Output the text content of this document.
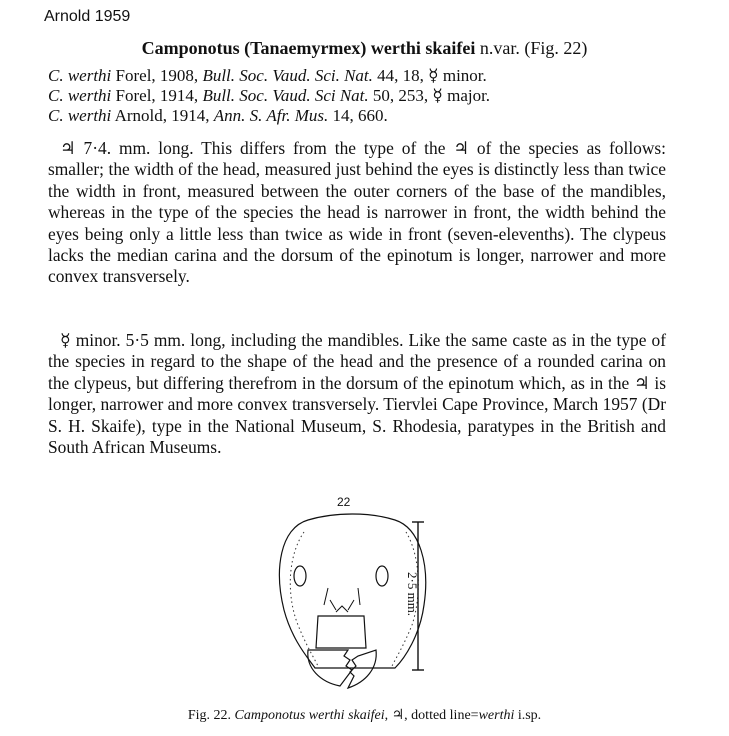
Arnold 1959
Camponotus (Tanaemyrmex) werthi skaifei n.var. (Fig. 22)
C. werthi Forel, 1908, Bull. Soc. Vaud. Sci. Nat. 44, 18, ☿ minor.
C. werthi Forel, 1914, Bull. Soc. Vaud. Sci Nat. 50, 253, ☿ major.
C. werthi Arnold, 1914, Ann. S. Afr. Mus. 14, 660.

♃ 7·4. mm. long. This differs from the type of the ♃ of the species as follows: smaller; the width of the head, measured just behind the eyes is distinctly less than twice the width in front, measured between the outer corners of the base of the mandibles, whereas in the type of the species the head is narrower in front, the width behind the eyes being only a little less than twice as wide in front (seven-elevenths). The clypeus lacks the median carina and the dorsum of the epinotum is longer, narrower and more convex transversely.

☿ minor. 5·5 mm. long, including the mandibles. Like the same caste as in the type of the species in regard to the shape of the head and the presence of a rounded carina on the clypeus, but differing therefrom in the dorsum of the epinotum which, as in the ♃ is longer, narrower and more convex transversely. Tiervlei Cape Province, March 1957 (Dr S. H. Skaife), type in the National Museum, S. Rhodesia, paratypes in the British and South African Museums.

22
2·5 mm.
Fig. 22. Camponotus werthi skaifei, ♃, dotted line=werthi i.sp.
